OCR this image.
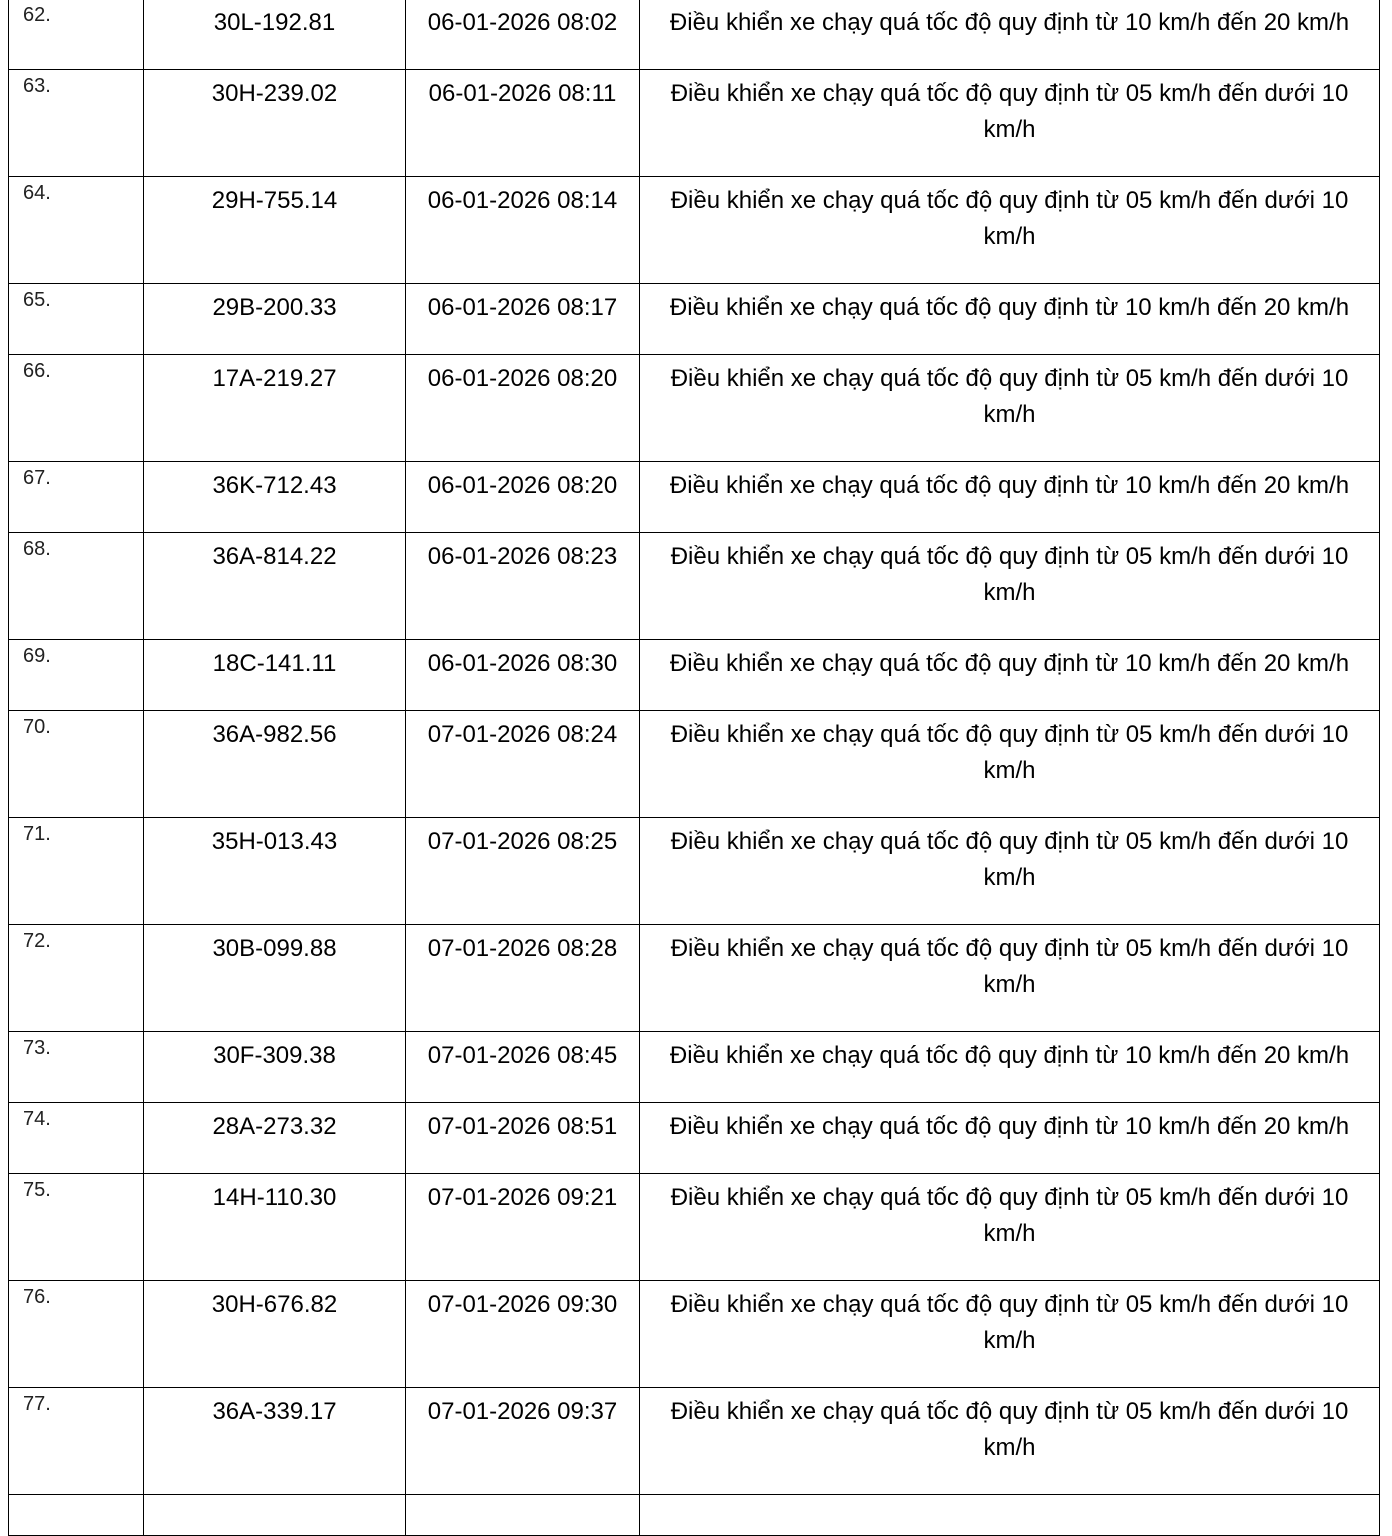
62.	30L-192.81	06-01-2026 08:02	Điều khiển xe chạy quá tốc độ quy định từ 10 km/h đến 20 km/h

63.	30H-239.02	06-01-2026 08:11	Điều khiển xe chạy quá tốc độ quy định từ 05 km/h đến dưới 10 km/h

64.	29H-755.14	06-01-2026 08:14	Điều khiển xe chạy quá tốc độ quy định từ 05 km/h đến dưới 10 km/h

65.	29B-200.33	06-01-2026 08:17	Điều khiển xe chạy quá tốc độ quy định từ 10 km/h đến 20 km/h

66.	17A-219.27	06-01-2026 08:20	Điều khiển xe chạy quá tốc độ quy định từ 05 km/h đến dưới 10 km/h

67.	36K-712.43	06-01-2026 08:20	Điều khiển xe chạy quá tốc độ quy định từ 10 km/h đến 20 km/h

68.	36A-814.22	06-01-2026 08:23	Điều khiển xe chạy quá tốc độ quy định từ 05 km/h đến dưới 10 km/h

69.	18C-141.11	06-01-2026 08:30	Điều khiển xe chạy quá tốc độ quy định từ 10 km/h đến 20 km/h

70.	36A-982.56	07-01-2026 08:24	Điều khiển xe chạy quá tốc độ quy định từ 05 km/h đến dưới 10 km/h

71.	35H-013.43	07-01-2026 08:25	Điều khiển xe chạy quá tốc độ quy định từ 05 km/h đến dưới 10 km/h

72.	30B-099.88	07-01-2026 08:28	Điều khiển xe chạy quá tốc độ quy định từ 05 km/h đến dưới 10 km/h

73.	30F-309.38	07-01-2026 08:45	Điều khiển xe chạy quá tốc độ quy định từ 10 km/h đến 20 km/h

74.	28A-273.32	07-01-2026 08:51	Điều khiển xe chạy quá tốc độ quy định từ 10 km/h đến 20 km/h

75.	14H-110.30	07-01-2026 09:21	Điều khiển xe chạy quá tốc độ quy định từ 05 km/h đến dưới 10 km/h

76.	30H-676.82	07-01-2026 09:30	Điều khiển xe chạy quá tốc độ quy định từ 05 km/h đến dưới 10 km/h

77.	36A-339.17	07-01-2026 09:37	Điều khiển xe chạy quá tốc độ quy định từ 05 km/h đến dưới 10 km/h
